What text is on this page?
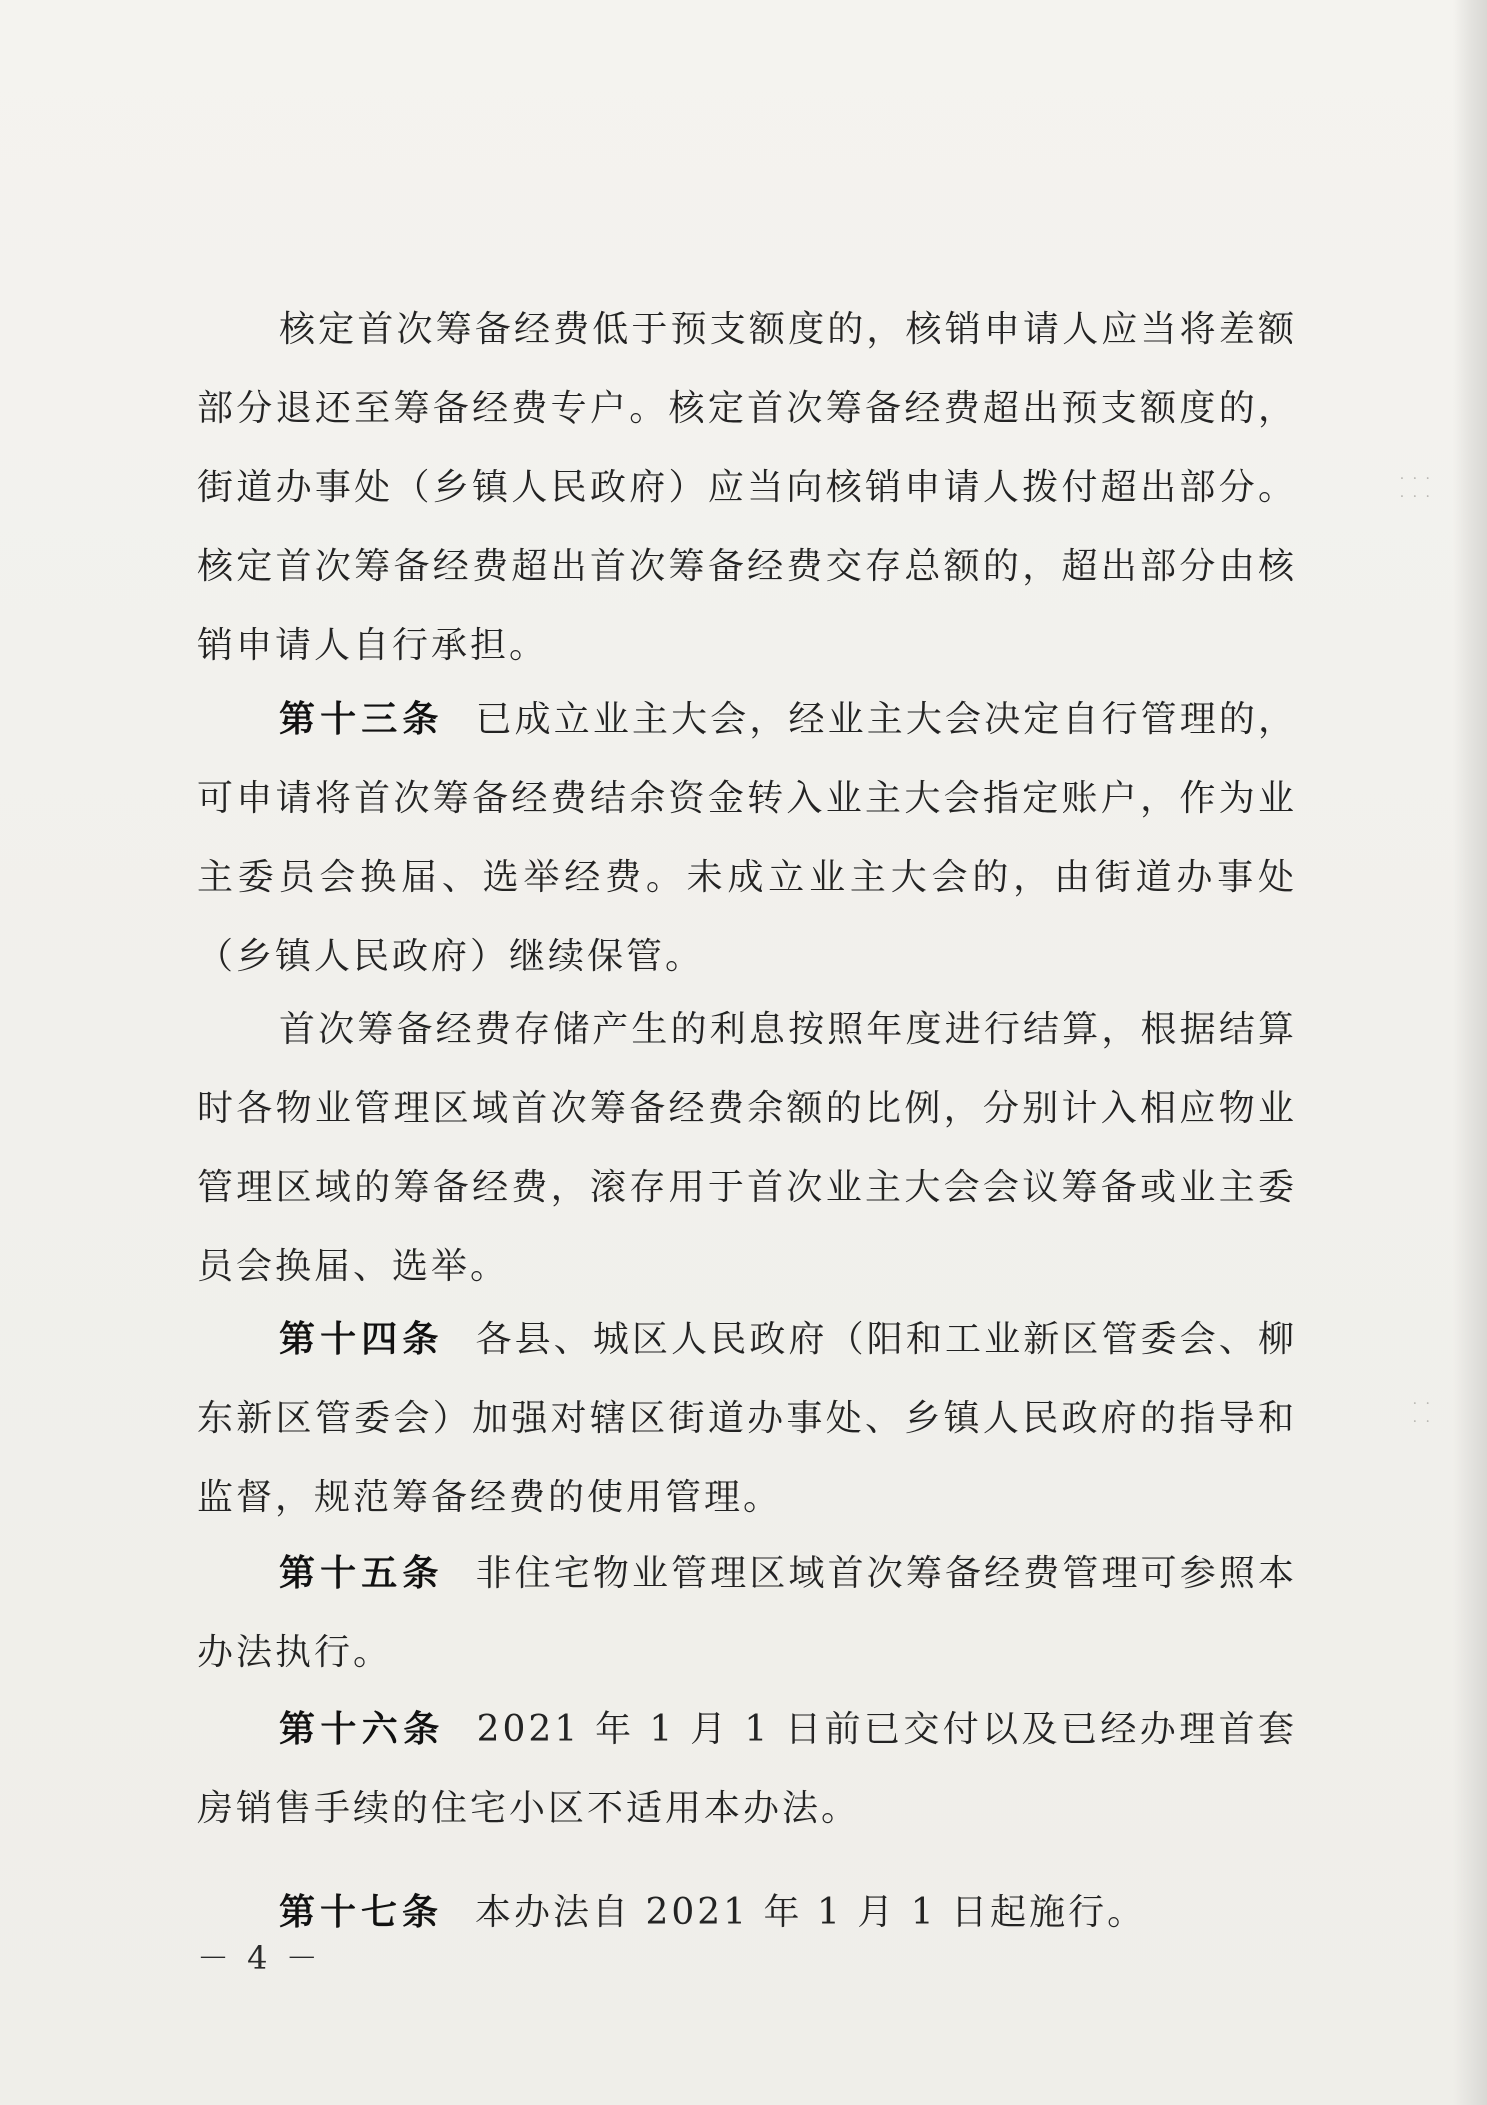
· · ·
· · ·
· ·
· ·
核定首次筹备经费低于预支额度的，核销申请人应当将差额部分退还至筹备经费专户。核定首次筹备经费超出预支额度的，街道办事处（乡镇人民政府）应当向核销申请人拨付超出部分。核定首次筹备经费超出首次筹备经费交存总额的，超出部分由核销申请人自行承担。
第十三条 已成立业主大会，经业主大会决定自行管理的，可申请将首次筹备经费结余资金转入业主大会指定账户，作为业主委员会换届、选举经费。未成立业主大会的，由街道办事处（乡镇人民政府）继续保管。
首次筹备经费存储产生的利息按照年度进行结算，根据结算时各物业管理区域首次筹备经费余额的比例，分别计入相应物业管理区域的筹备经费，滚存用于首次业主大会会议筹备或业主委员会换届、选举。
第十四条 各县、城区人民政府（阳和工业新区管委会、柳东新区管委会）加强对辖区街道办事处、乡镇人民政府的指导和监督，规范筹备经费的使用管理。
第十五条 非住宅物业管理区域首次筹备经费管理可参照本办法执行。
第十六条 2021 年 1 月 1 日前已交付以及已经办理首套房销售手续的住宅小区不适用本办法。
第十七条 本办法自 2021 年 1 月 1 日起施行。
－ 4 －
